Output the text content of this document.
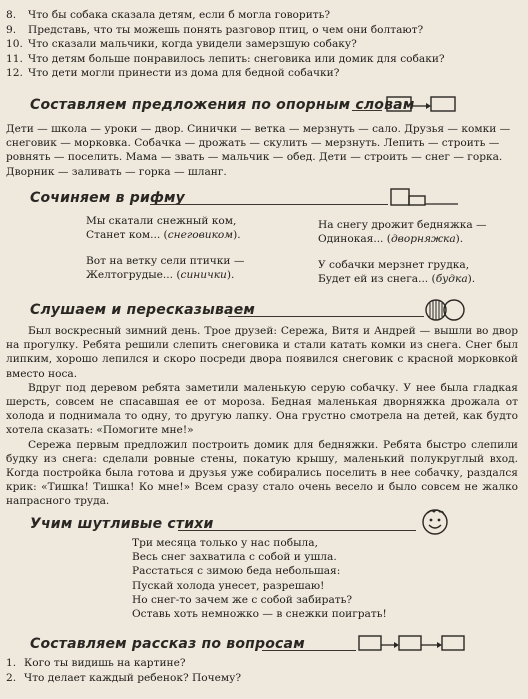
8.	Что бы собака сказала детям, если б могла говорить?
9.	Представь, что ты можешь понять разговор птиц, о чем они болтают?
10. Что сказали мальчики, когда увидели замерзшую собаку?
11. Что детям больше понравилось лепить: снеговика или домик для собаки?
12. Что дети могли принести из дома для бедной собачки?
Составляем предложения по опорным словам
Дети — школа — уроки — двор. Синички — ветка — мерзнуть — сало. Друзья — комки —
снеговик — морковка. Собачка — дрожать — скулить — мерзнуть. Лепить — строить —
ровнять — поселить. Мама — звать — мальчик — обед. Дети — строить — снег — горка.
Дворник — заливать — горка — шланг.
Сочиняем в рифму
Мы скатали снежный ком,
Станет ком... (снеговиком).
На снегу дрожит бедняжка —
Одинокая... (дворняжка).
Вот на ветку сели птички —
Желтогрудые... (синички).
У собачки мерзнет грудка,
Будет ей из снега... (будка).
Слушаем и пересказываем

Был воскресный зимний день. Трое друзей: Сережа, Витя и Андрей — вышли во двор на прогулку. Ребята решили слепить снеговика и стали катать комки из снега. Снег был липким, хорошо лепился и скоро посреди двора появился снеговик с красной морковкой вместо носа.

Вдруг под деревом ребята заметили маленькую серую собачку. У нее была гладкая шерсть, совсем не спасавшая ее от мороза. Бедная маленькая дворняжка дрожала от холода и поднимала то одну, то другую лапку. Она грустно смотрела на детей, как будто хотела сказать: «Помогите мне!»

Сережа первым предложил построить домик для бедняжки. Ребята быстро слепили будку из снега: сделали ровные стены, покатую крышу, маленький полукруглый вход. Когда постройка была готова и друзья уже собирались поселить в нее собачку, раздался крик: «Тишка! Тишка! Ко мне!» Всем сразу стало очень весело и было совсем не жалко напрасного труда.

Учим шутливые стихи
Три месяца только у нас побыла,
Весь снег захватила с собой и ушла.
Расстаться с зимою беда небольшая:
Пускай холода унесет, разрешаю!
Но снег-то зачем же с собой забирать?
Оставь хоть немножко — в снежки поиграть!
Составляем рассказ по вопросам
1. Кого ты видишь на картине?
2. Что делает каждый ребенок? Почему?
